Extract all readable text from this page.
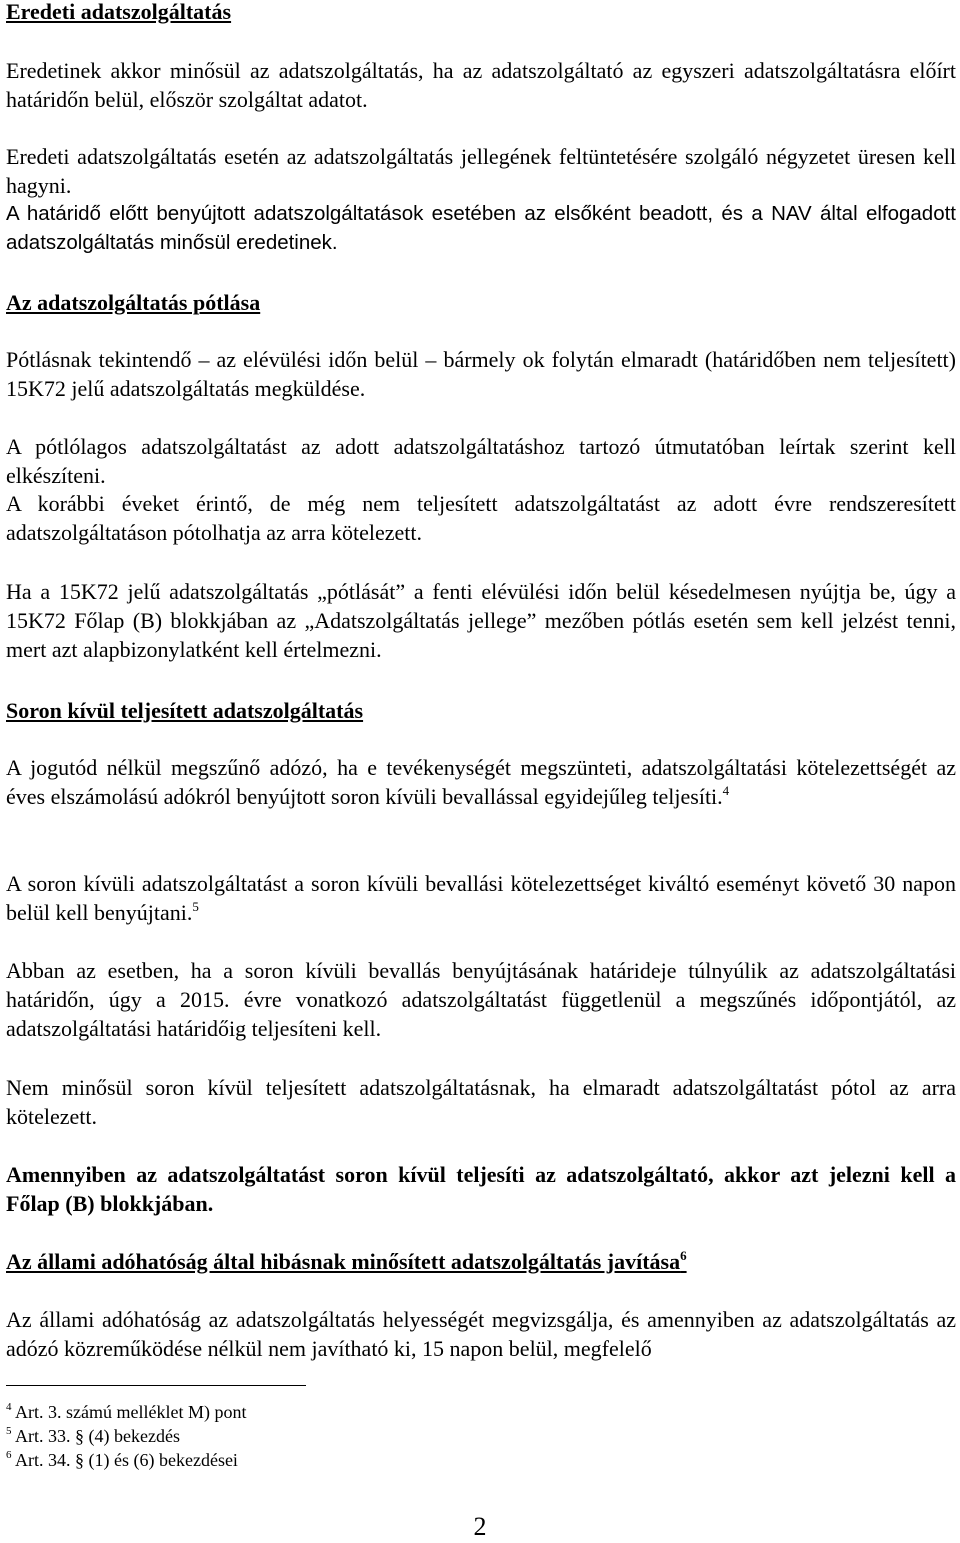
Eredeti adatszolgáltatás
Eredetinek akkor minősül az adatszolgáltatás, ha az adatszolgáltató az egyszeri adatszolgáltatásra előírt határidőn belül, először szolgáltat adatot.
Eredeti adatszolgáltatás esetén az adatszolgáltatás jellegének feltüntetésére szolgáló négyzetet üresen kell hagyni.
A határidő előtt benyújtott adatszolgáltatások esetében az elsőként beadott, és a NAV által elfogadott adatszolgáltatás minősül eredetinek.
Az adatszolgáltatás pótlása
Pótlásnak tekintendő ‒ az elévülési időn belül ‒ bármely ok folytán elmaradt (határidőben nem teljesített) 15K72 jelű adatszolgáltatás megküldése.
A pótlólagos adatszolgáltatást az adott adatszolgáltatáshoz tartozó útmutatóban leírtak szerint kell elkészíteni.
A korábbi éveket érintő, de még nem teljesített adatszolgáltatást az adott évre rendszeresített adatszolgáltatáson pótolhatja az arra kötelezett.
Ha a 15K72 jelű adatszolgáltatás „pótlását” a fenti elévülési időn belül késedelmesen nyújtja be, úgy a 15K72 Főlap (B) blokkjában az „Adatszolgáltatás jellege” mezőben pótlás esetén sem kell jelzést tenni, mert azt alapbizonylatként kell értelmezni.
Soron kívül teljesített adatszolgáltatás
A jogutód nélkül megszűnő adózó, ha e tevékenységét megszünteti, adatszolgáltatási kötelezettségét az éves elszámolású adókról benyújtott soron kívüli bevallással egyidejűleg teljesíti.$^4$
A soron kívüli adatszolgáltatást a soron kívüli bevallási kötelezettséget kiváltó eseményt követő 30 napon belül kell benyújtani.$^5$
Abban az esetben, ha a soron kívüli bevallás benyújtásának határideje túlnyúlik az adatszolgáltatási határidőn, úgy a 2015. évre vonatkozó adatszolgáltatást függetlenül a megszűnés időpontjától, az adatszolgáltatási határidőig teljesíteni kell.
Nem minősül soron kívül teljesített adatszolgáltatásnak, ha elmaradt adatszolgáltatást pótol az arra kötelezett.
Amennyiben az adatszolgáltatást soron kívül teljesíti az adatszolgáltató, akkor azt jelezni kell a Főlap (B) blokkjában.
Az állami adóhatóság által hibásnak minősített adatszolgáltatás javítása$^6$
Az állami adóhatóság az adatszolgáltatás helyességét megvizsgálja, és amennyiben az adatszolgáltatás az adózó közreműködése nélkül nem javítható ki, 15 napon belül, megfelelő
$^4$ Art. 3. számú melléklet M) pont
$^5$ Art. 33. § (4) bekezdés
$^6$ Art. 34. § (1) és (6) bekezdései
2
